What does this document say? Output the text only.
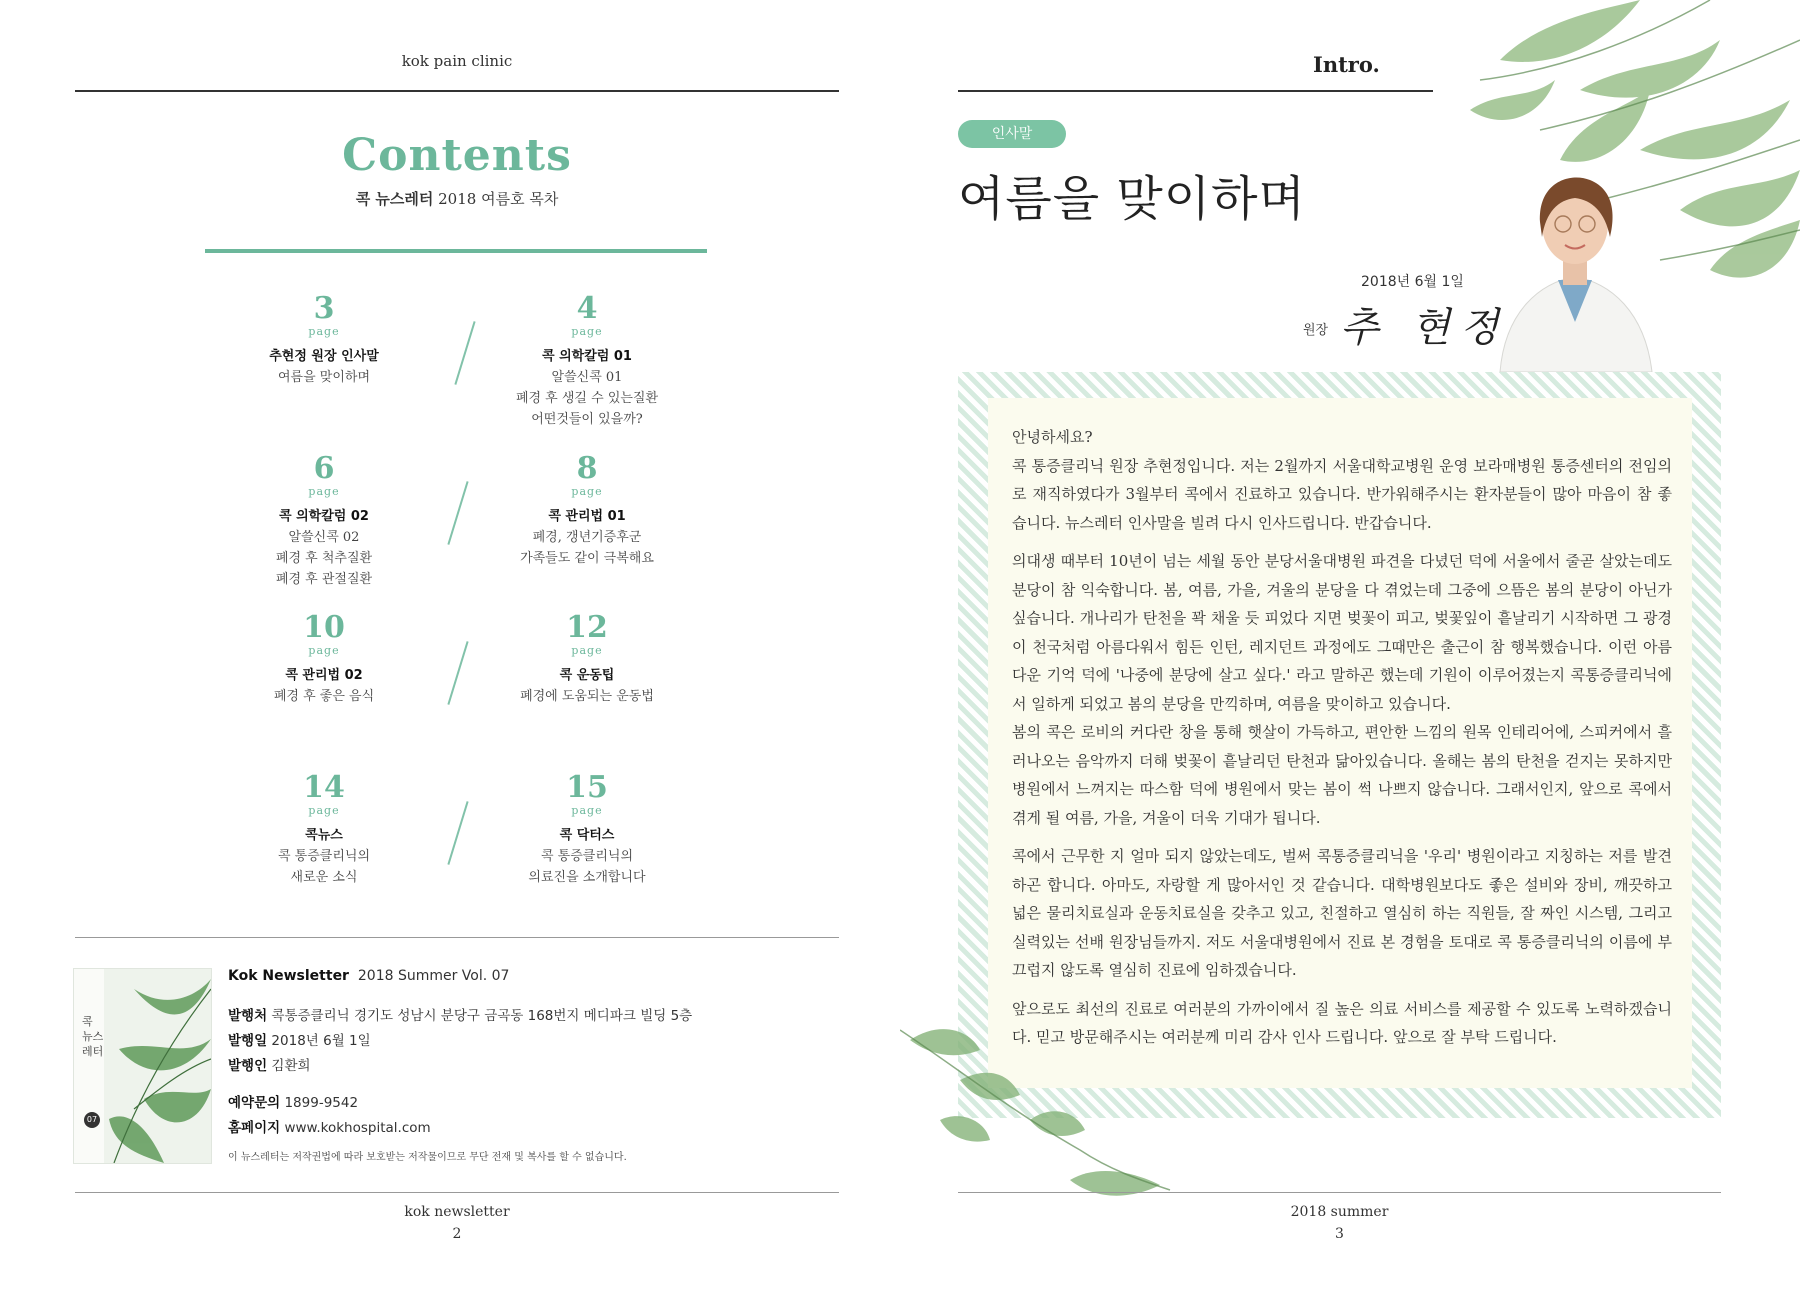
kok pain clinic
Contents
콕 뉴스레터 2018 여름호 목차
3
page
추현정 원장 인사말
여름을 맞이하며
4
page
콕 의학칼럼 01
알쓸신콕 01
폐경 후 생길 수 있는질환
어떤것들이 있을까?
6
page
콕 의학칼럼 02
알쓸신콕 02
폐경 후 척추질환
폐경 후 관절질환
8
page
콕 관리법 01
폐경, 갱년기증후군
가족들도 같이 극복해요
10
page
콕 관리법 02
폐경 후 좋은 음식
12
page
콕 운동팁
폐경에 도움되는 운동법
14
page
콕뉴스
콕 통증클리닉의
새로운 소식
15
page
콕 닥터스
콕 통증클리닉의
의료진을 소개합니다
콕
뉴스
레터
07
Kok Newsletter 2018 Summer Vol. 07
발행처 콕통증클리닉 경기도 성남시 분당구 금곡동 168번지 메디파크 빌딩 5층
발행일 2018년 6월 1일
발행인 김환희
예약문의 1899-9542
홈페이지 www.kokhospital.com
이 뉴스레터는 저작권법에 따라 보호받는 저작물이므로 무단 전재 및 복사를 할 수 없습니다.
kok newsletter
2
Intro.
인사말
여름을 맞이하며
2018년 6월 1일
원장 추 현정

안녕하세요?
콕 통증클리닉 원장 추현정입니다. 저는 2월까지 서울대학교병원 운영 보라매병원 통증센터의 전임의로 재직하였다가 3월부터 콕에서 진료하고 있습니다. 반가워해주시는 환자분들이 많아 마음이 참 좋습니다. 뉴스레터 인사말을 빌려 다시 인사드립니다. 반갑습니다.

의대생 때부터 10년이 넘는 세월 동안 분당서울대병원 파견을 다녔던 덕에 서울에서 줄곧 살았는데도 분당이 참 익숙합니다. 봄, 여름, 가을, 겨울의 분당을 다 겪었는데 그중에 으뜸은 봄의 분당이 아닌가 싶습니다. 개나리가 탄천을 꽉 채울 듯 피었다 지면 벚꽃이 피고, 벚꽃잎이 흩날리기 시작하면 그 광경이 천국처럼 아름다워서 힘든 인턴, 레지던트 과정에도 그때만은 출근이 참 행복했습니다. 이런 아름다운 기억 덕에 '나중에 분당에 살고 싶다.' 라고 말하곤 했는데 기원이 이루어졌는지 콕통증클리닉에서 일하게 되었고 봄의 분당을 만끽하며, 여름을 맞이하고 있습니다.
봄의 콕은 로비의 커다란 창을 통해 햇살이 가득하고, 편안한 느낌의 원목 인테리어에, 스피커에서 흘러나오는 음악까지 더해 벚꽃이 흩날리던 탄천과 닮아있습니다. 올해는 봄의 탄천을 걷지는 못하지만 병원에서 느껴지는 따스함 덕에 병원에서 맞는 봄이 썩 나쁘지 않습니다. 그래서인지, 앞으로 콕에서 겪게 될 여름, 가을, 겨울이 더욱 기대가 됩니다.

콕에서 근무한 지 얼마 되지 않았는데도, 벌써 콕통증클리닉을 '우리' 병원이라고 지칭하는 저를 발견하곤 합니다. 아마도, 자랑할 게 많아서인 것 같습니다. 대학병원보다도 좋은 설비와 장비, 깨끗하고 넓은 물리치료실과 운동치료실을 갖추고 있고, 친절하고 열심히 하는 직원들, 잘 짜인 시스템, 그리고 실력있는 선배 원장님들까지. 저도 서울대병원에서 진료 본 경험을 토대로 콕 통증클리닉의 이름에 부끄럽지 않도록 열심히 진료에 임하겠습니다.

앞으로도 최선의 진료로 여러분의 가까이에서 질 높은 의료 서비스를 제공할 수 있도록 노력하겠습니다. 믿고 방문해주시는 여러분께 미리 감사 인사 드립니다. 앞으로 잘 부탁 드립니다.

2018 summer
3
